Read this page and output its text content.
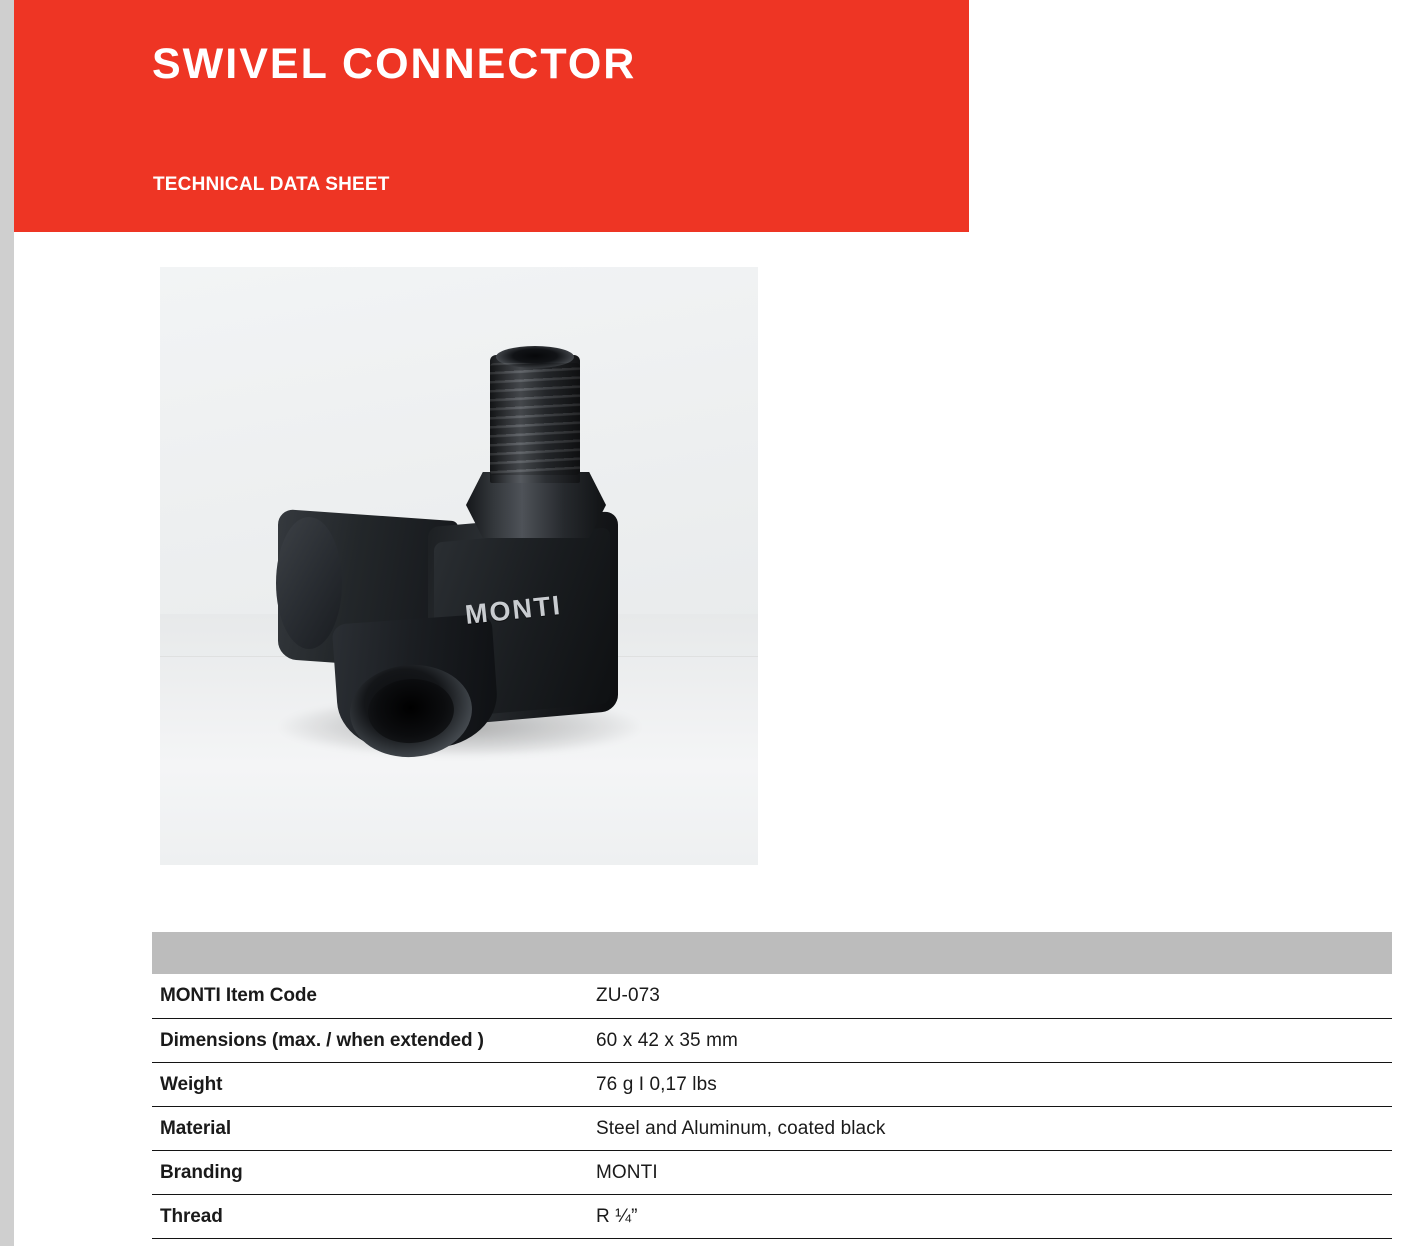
SWIVEL CONNECTOR
TECHNICAL DATA SHEET
MONTI

MONTI Item Code	ZU-073
Dimensions (max. / when extended )	60 x 42 x 35 mm
Weight	76 g I 0,17 lbs
Material	Steel and Aluminum, coated black
Branding	MONTI
Thread	R ¼”
